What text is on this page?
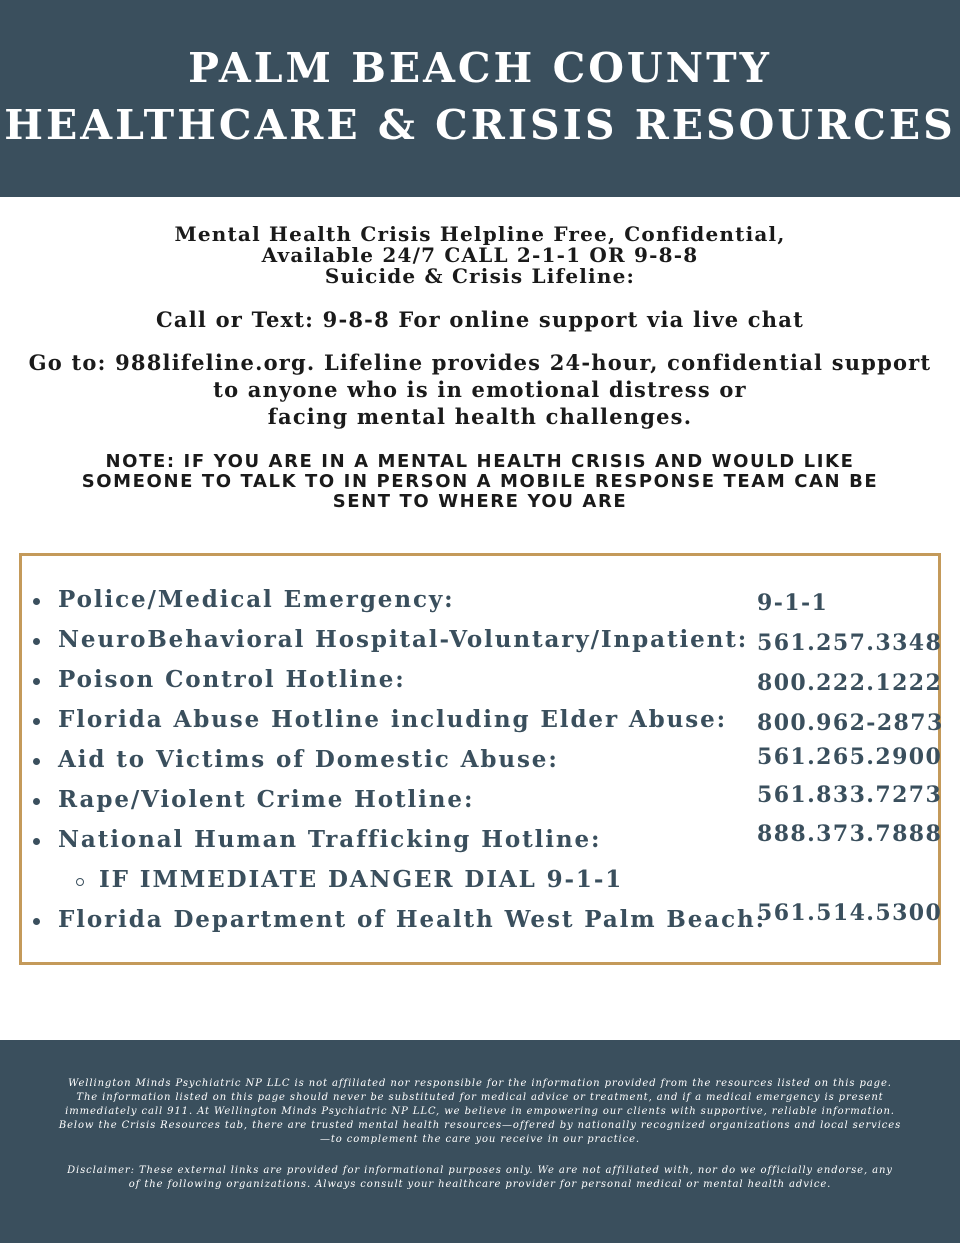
PALM BEACH COUNTY
HEALTHCARE & CRISIS RESOURCES
Mental Health Crisis Helpline Free, Confidential,
Available 24/7 CALL 2-1-1 OR 9-8-8
Suicide & Crisis Lifeline:
Call or Text: 9-8-8 For online support via live chat
Go to: 988lifeline.org. Lifeline provides 24-hour, confidential support
to anyone who is in emotional distress or
facing mental health challenges.
NOTE: IF YOU ARE IN A MENTAL HEALTH CRISIS AND WOULD LIKE
SOMEONE TO TALK TO IN PERSON A MOBILE RESPONSE TEAM CAN BE
SENT TO WHERE YOU ARE
Police/Medical Emergency:	9-1-1
NeuroBehavioral Hospital-Voluntary/Inpatient: 561.257.3348
Poison Control Hotline:	800.222.1222
Florida Abuse Hotline including Elder Abuse: 800.962-2873
Aid to Victims of Domestic Abuse:	561.265.2900
Rape/Violent Crime Hotline:	561.833.7273
National Human Trafficking Hotline:	888.373.7888
IF IMMEDIATE DANGER DIAL 9-1-1
Florida Department of Health West Palm Beach:
561.514.5300
Wellington Minds Psychiatric NP LLC is not affiliated nor responsible for the information provided from the resources listed on this page.
The information listed on this page should never be substituted for medical advice or treatment, and if a medical emergency is present
immediately call 911. At Wellington Minds Psychiatric NP LLC, we believe in empowering our clients with supportive, reliable information.
Below the Crisis Resources tab, there are trusted mental health resources—offered by nationally recognized organizations and local services
—to complement the care you receive in our practice.
Disclaimer: These external links are provided for informational purposes only. We are not affiliated with, nor do we officially endorse, any
of the following organizations. Always consult your healthcare provider for personal medical or mental health advice.
